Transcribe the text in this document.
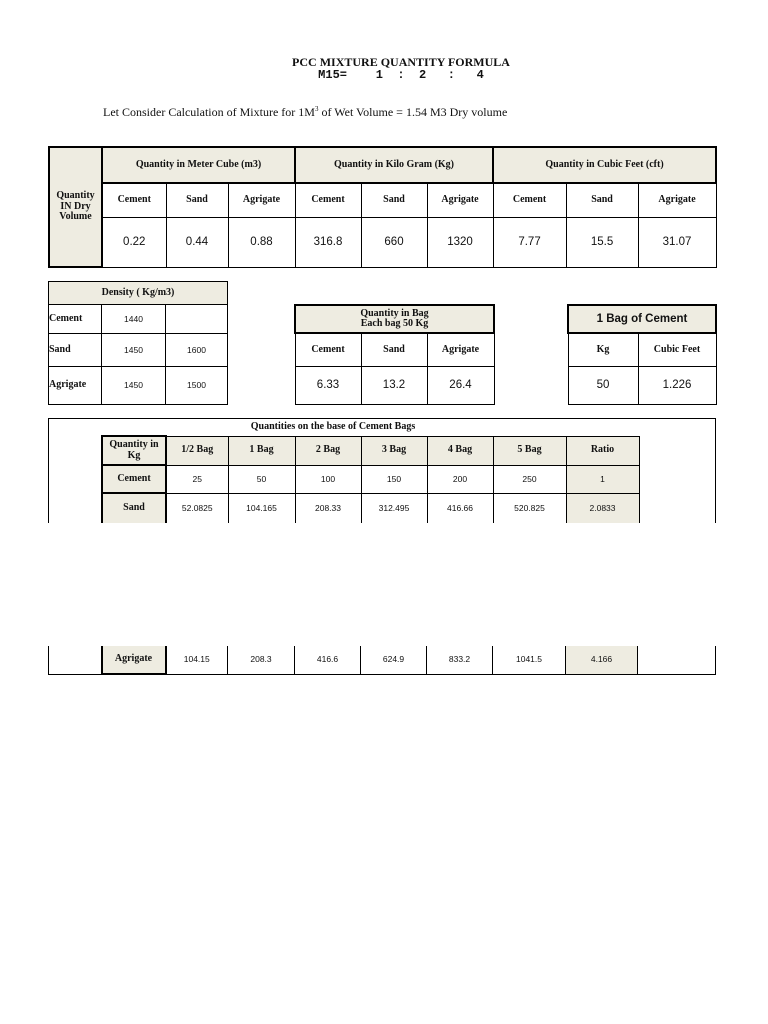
PCC MIXTURE QUANTITY FORMULA
M15=    1  :  2   :   4
Let Consider Calculation of Mixture for $1M^3$ of Wet Volume = 1.54 M3 Dry volume
Quantity IN Dry Volume	Quantity in Meter Cube (m3)			Quantity in Kilo Gram (Kg)			Quantity in Cubic Feet (cft)		
	Cement	Sand	Agrigate	Cement	Sand	Agrigate	Cement	Sand	Agrigate
	0.22	0.44	0.88	316.8	660	1320	7.77	15.5	31.07
Density ( Kg/m3)		
Cement	1440	
Sand	1450	1600
Agrigate	1450	1500
Quantity in Bag
Each bag 50 Kg		
Cement	Sand	Agrigate
6.33	13.2	26.4
1 Bag of Cement	
Kg	Cubic Feet
50	1.226
Quantities on the base of Cement Bags
Quantity in Kg	1/2 Bag	1 Bag	2 Bag	3 Bag	4 Bag	5 Bag	Ratio
Cement	25	50	100	150	200	250	1
Sand	52.0825	104.165	208.33	312.495	416.66	520.825	2.0833
	Agrigate	104.15	208.3	416.6	624.9	833.2	1041.5	4.166	
